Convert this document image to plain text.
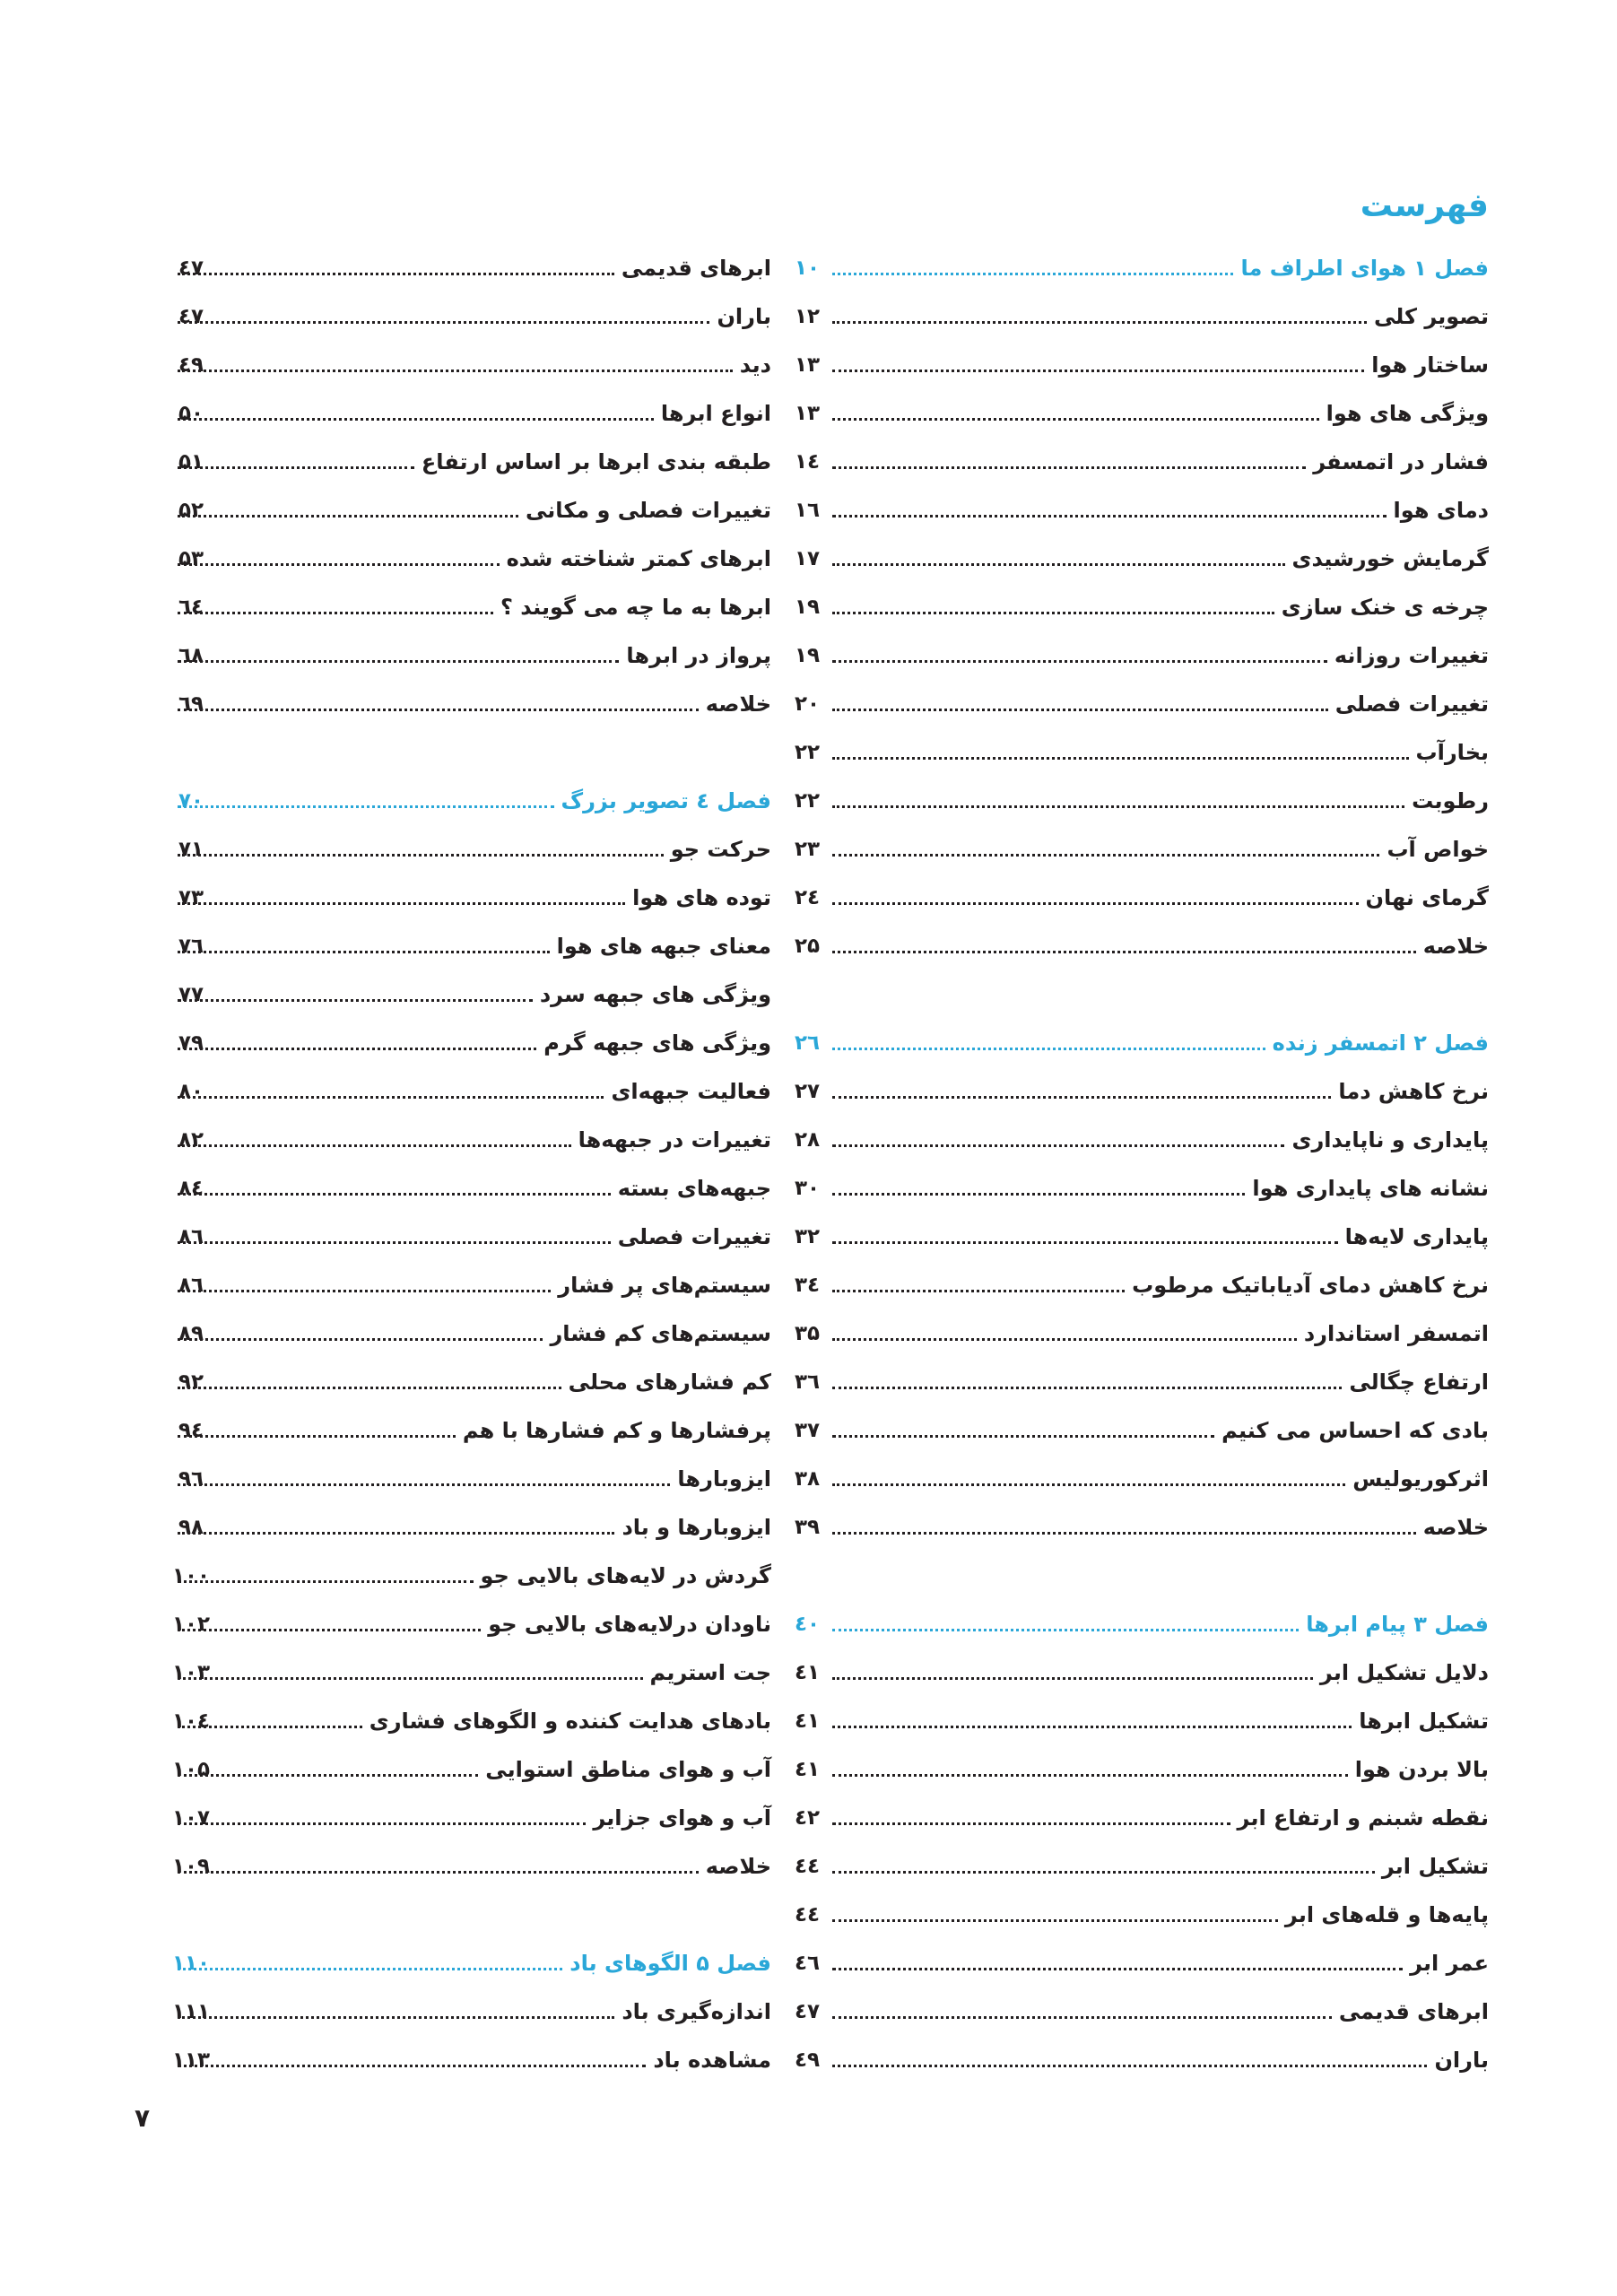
فهرست
فصل ۱ هوای اطراف ما
۱۰
تصویر کلی
۱۲
ساختار هوا
۱۳
ویژگی های هوا
۱۳
فشار در اتمسفر
۱٤
دمای هوا
۱٦
گرمایش خورشیدی
۱۷
چرخه ی خنک سازی
۱۹
تغییرات روزانه
۱۹
تغییرات فصلی
۲۰
بخارآب
۲۲
رطوبت
۲۲
خواص آب
۲۳
گرمای نهان
۲٤
خلاصه
۲۵
فصل ۲ اتمسفر زنده
۲٦
نرخ کاهش دما
۲۷
پایداری و ناپایداری
۲۸
نشانه های پایداری هوا
۳۰
پایداری لایه‌ها
۳۲
نرخ کاهش دمای آدیاباتیک مرطوب
۳٤
اتمسفر استاندارد
۳۵
ارتفاع چگالی
۳٦
بادی که احساس می کنیم
۳۷
اثرکوریولیس
۳۸
خلاصه
۳۹
فصل ۳ پیام ابرها
٤۰
دلایل تشکیل ابر
٤۱
تشکیل ابرها
٤۱
بالا بردن هوا
٤۱
نقطه شبنم و ارتفاع ابر
٤۲
تشکیل ابر
٤٤
پایه‌ها و قله‌های ابر
٤٤
عمر ابر
٤٦
ابرهای قدیمی
٤۷
باران
٤۹
ابرهای قدیمی
٤۷
باران
٤۷
دید
٤۹
انواع ابرها
۵۰
طبقه بندی ابرها بر اساس ارتفاع
۵۱
تغییرات فصلی و مکانی
۵۲
ابرهای کمتر شناخته شده
۵۳
ابرها به ما چه می گویند ؟
٦٤
پرواز در ابرها
٦۸
خلاصه
٦۹
فصل ٤ تصویر بزرگ
۷۰
حرکت جو
۷۱
توده های هوا
۷۳
معنای جبهه های هوا
۷٦
ویژگی های جبهه سرد
۷۷
ویژگی های جبهه گرم
۷۹
فعالیت جبهه‌ای
۸۰
تغییرات در جبهه‌ها
۸۲
جبهه‌های بسته
۸٤
تغییرات فصلی
۸٦
سیستم‌های پر فشار
۸٦
سیستم‌های کم فشار
۸۹
کم فشارهای محلی
۹۲
پرفشارها و کم فشارها با هم
۹٤
ایزوبارها
۹٦
ایزوبارها و باد
۹۸
گردش در لایه‌های بالایی جو
۱۰۰
ناودان درلایه‌های بالایی جو
۱۰۲
جت استریم
۱۰۳
بادهای هدایت کننده و الگوهای فشاری
۱۰٤
آب و هوای مناطق استوایی
۱۰۵
آب و هوای جزایر
۱۰۷
خلاصه
۱۰۹
فصل ۵ الگوهای باد
۱۱۰
اندازه‌گیری باد
۱۱۱
مشاهده باد
۱۱۳
۷
